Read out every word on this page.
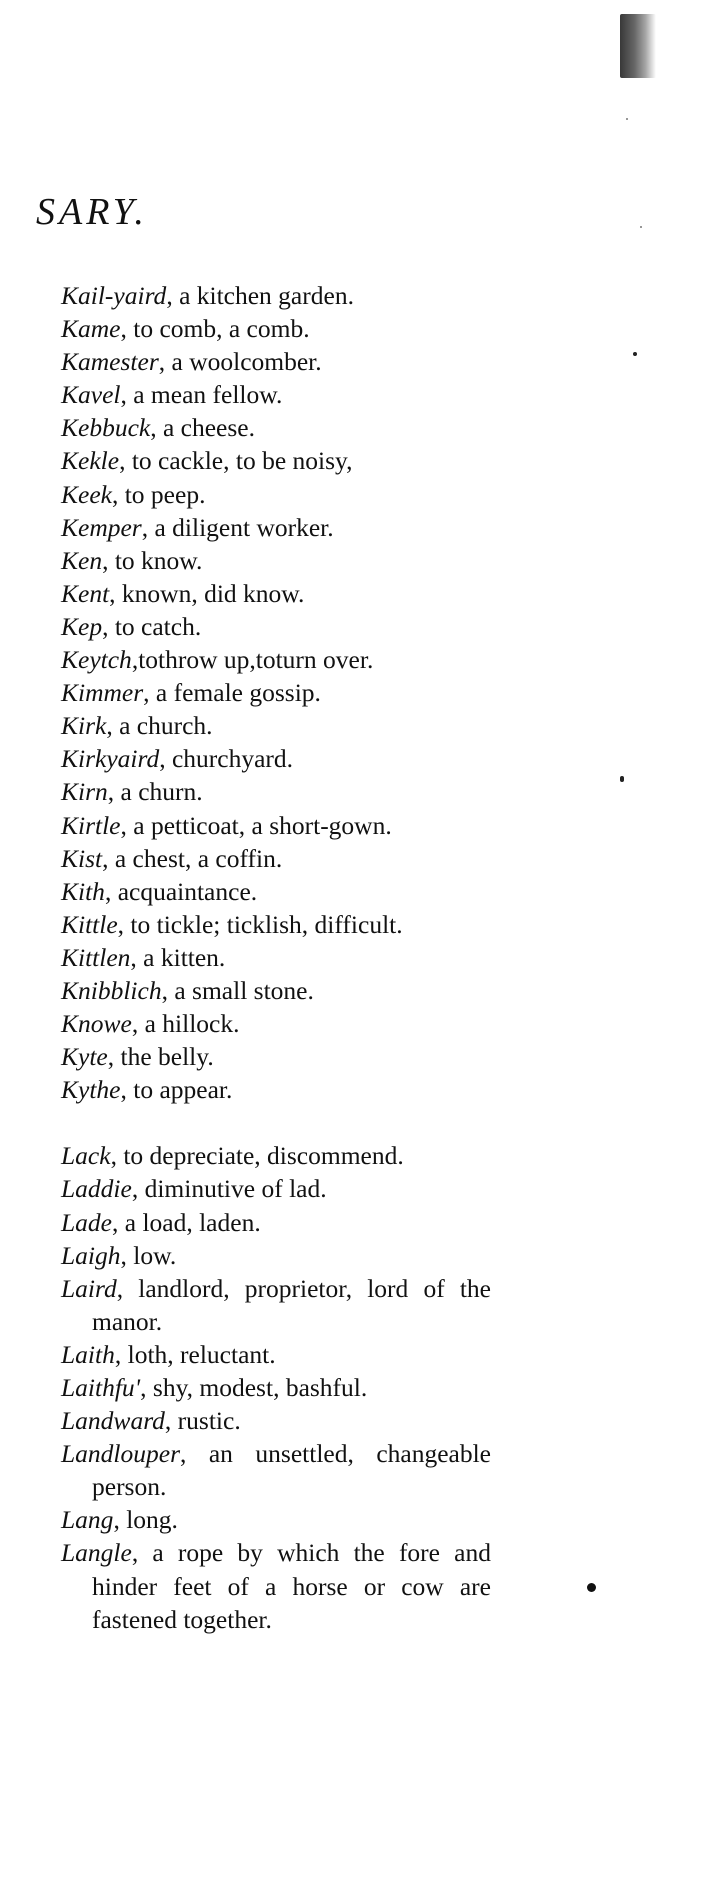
SARY.
Kail-yaird, a kitchen garden.
Kame, to comb, a comb.
Kamester, a woolcomber.
Kavel, a mean fellow.
Kebbuck, a cheese.
Kekle, to cackle, to be noisy,
Keek, to peep.
Kemper, a diligent worker.
Ken, to know.
Kent, known, did know.
Kep, to catch.
Keytch,tothrow up,toturn over.
Kimmer, a female gossip.
Kirk, a church.
Kirkyaird, churchyard.
Kirn, a churn.
Kirtle, a petticoat, a short-gown.
Kist, a chest, a coffin.
Kith, acquaintance.
Kittle, to tickle; ticklish, difficult.
Kittlen, a kitten.
Knibblich, a small stone.
Knowe, a hillock.
Kyte, the belly.
Kythe, to appear.
Lack, to depreciate, discommend.
Laddie, diminutive of lad.
Lade, a load, laden.
Laigh, low.
Laird, landlord, proprietor, lord of the manor.
Laith, loth, reluctant.
Laithfu', shy, modest, bashful.
Landward, rustic.
Landlouper, an unsettled, changeable person.
Lang, long.
Langle, a rope by which the fore and hinder feet of a horse or cow are fastened together.
